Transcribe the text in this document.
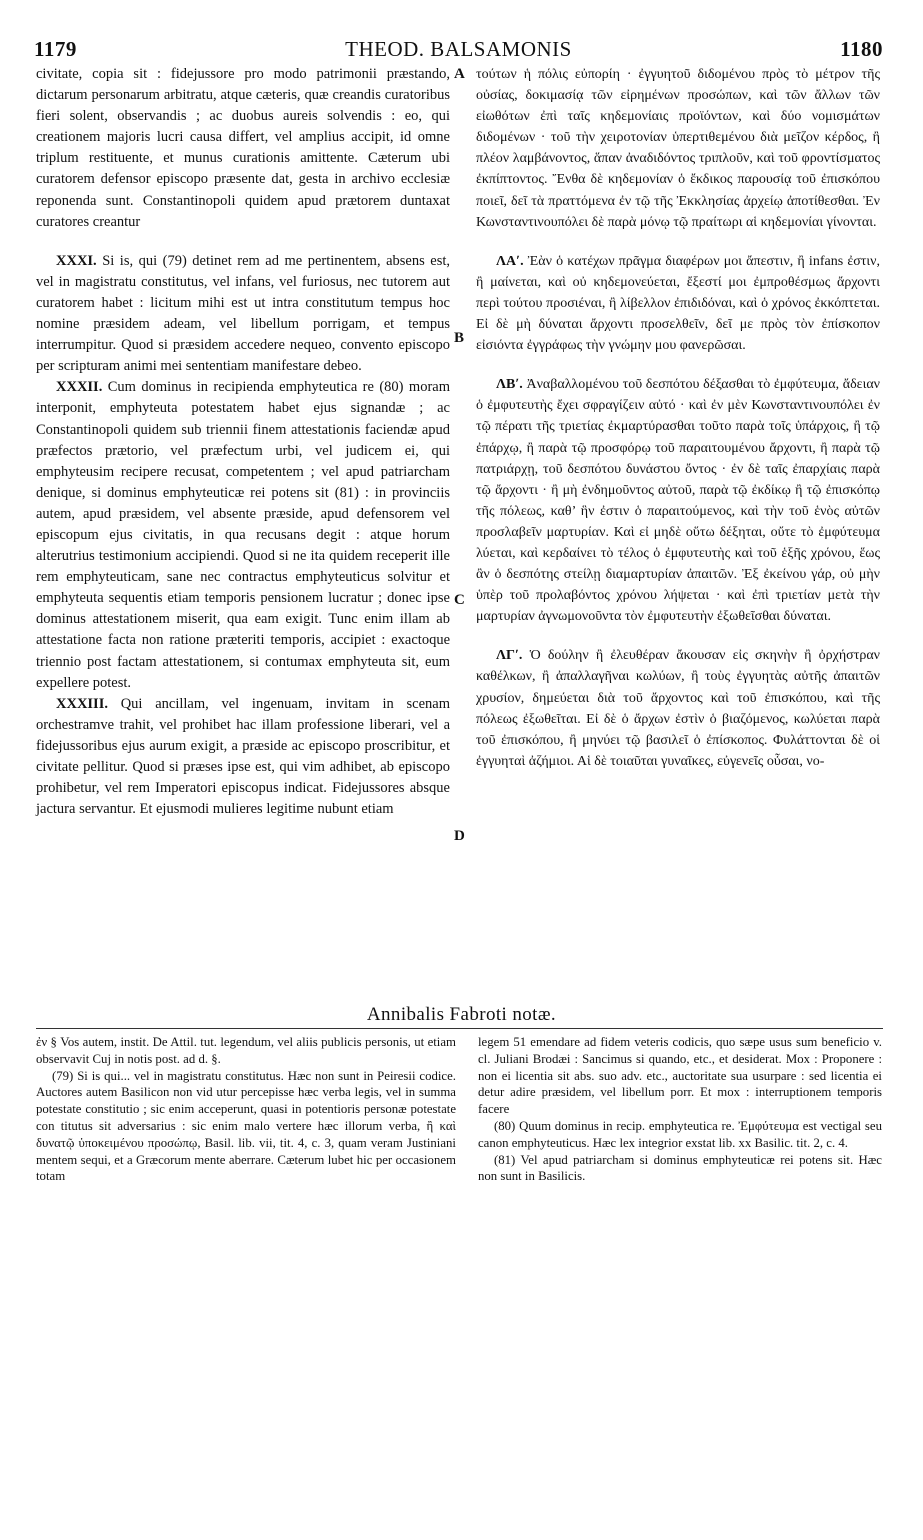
1179	THEOD. BALSAMONIS	1180
A
B
C
D

civitate, copia sit : fidejussore pro modo patrimonii præstando, dictarum personarum arbitratu, atque cæteris, quæ creandis curatoribus fieri solent, observandis ; ac duobus aureis solvendis : eo, qui creationem majoris lucri causa differt, vel amplius accipit, id omne triplum restituente, et munus curationis amittente. Cæterum ubi curatorem defensor episcopo præsente dat, gesta in archivo ecclesiæ reponenda sunt. Constantinopoli quidem apud prætorem duntaxat curatores creantur

XXXI. Si is, qui (79) detinet rem ad me pertinentem, absens est, vel in magistratu constitutus, vel infans, vel furiosus, nec tutorem aut curatorem habet : licitum mihi est ut intra constitutum tempus hoc nomine præsidem adeam, vel libellum porrigam, et tempus interrumpitur. Quod si præsidem accedere nequeo, convento episcopo per scripturam animi mei sententiam manifestare debeo.

XXXII. Cum dominus in recipienda emphyteutica re (80) moram interponit, emphyteuta potestatem habet ejus signandæ ; ac Constantinopoli quidem sub triennii finem attestationis faciendæ apud præfectos prætorio, vel præfectum urbi, vel judicem ei, qui emphyteusim recipere recusat, competentem ; vel apud patriarcham denique, si dominus emphyteuticæ rei potens sit (81) : in provinciis autem, apud præsidem, vel absente præside, apud defensorem vel episcopum ejus civitatis, in qua recusans degit : atque horum alterutrius testimonium accipiendi. Quod si ne ita quidem receperit ille rem emphyteuticam, sane nec contractus emphyteuticus solvitur et emphyteuta sequentis etiam temporis pensionem lucratur ; donec ipse dominus attestationem miserit, qua eam exigit. Tunc enim illam ab attestatione facta non ratione præteriti temporis, accipiet : exactoque triennio post factam attestationem, si contumax emphyteuta sit, eum expellere potest.

XXXIII. Qui ancillam, vel ingenuam, invitam in scenam orchestramve trahit, vel prohibet hac illam professione liberari, vel a fidejussoribus ejus aurum exigit, a præside ac episcopo proscribitur, et civitate pellitur. Quod si præses ipse est, qui vim adhibet, ab episcopo prohibetur, vel rem Imperatori episcopus indicat. Fidejussores absque jactura servantur. Et ejusmodi mulieres legitime nubunt etiam

τούτων ἡ πόλις εὐπορίη · ἐγγυητοῦ διδομένου πρὸς τὸ μέτρον τῆς οὐσίας, δοκιμασίᾳ τῶν εἰρημένων προσώπων, καὶ τῶν ἄλλων τῶν εἰωθότων ἐπὶ ταῖς κηδεμονίαις προϊόντων, καὶ δύο νομισμάτων διδομένων · τοῦ τὴν χειροτονίαν ὑπερτιθεμένου διὰ μεῖζον κέρδος, ἢ πλέον λαμβάνοντος, ἅπαν ἀναδιδόντος τριπλοῦν, καὶ τοῦ φροντίσματος ἐκπίπτοντος. Ἔνθα δὲ κηδεμονίαν ὁ ἔκδικος παρουσίᾳ τοῦ ἐπισκόπου ποιεῖ, δεῖ τὰ πραττόμενα ἐν τῷ τῆς Ἐκκλησίας ἀρχείῳ ἀποτίθεσθαι. Ἐν Κωνσταντινουπόλει δὲ παρὰ μόνῳ τῷ πραίτωρι αἱ κηδεμονίαι γίνονται.

ΛΑʹ. Ἐὰν ὁ κατέχων πρᾶγμα διαφέρων μοι ἄπεστιν, ἢ infans ἐστιν, ἢ μαίνεται, καὶ οὐ κηδεμονεύεται, ἔξεστί μοι ἐμπροθέσμως ἄρχοντι περὶ τούτου προσιέναι, ἢ λίβελλον ἐπιδιδόναι, καὶ ὁ χρόνος ἐκκόπτεται. Εἰ δὲ μὴ δύναται ἄρχοντι προσελθεῖν, δεῖ με πρὸς τὸν ἐπίσκοπον εἰσιόντα ἐγγράφως τὴν γνώμην μου φανερῶσαι.

ΛΒʹ. Ἀναβαλλομένου τοῦ δεσπότου δέξασθαι τὸ ἐμφύτευμα, ἄδειαν ὁ ἐμφυτευτὴς ἔχει σφραγίζειν αὐτό · καὶ ἐν μὲν Κωνσταντινουπόλει ἐν τῷ πέρατι τῆς τριετίας ἐκμαρτύρασθαι τοῦτο παρὰ τοῖς ὑπάρχοις, ἢ τῷ ἐπάρχῳ, ἢ παρὰ τῷ προσφόρῳ τοῦ παραιτουμένου ἄρχοντι, ἢ παρὰ τῷ πατριάρχῃ, τοῦ δεσπότου δυνάστου ὄντος · ἐν δὲ ταῖς ἐπαρχίαις παρὰ τῷ ἄρχοντι · ἢ μὴ ἐνδημοῦντος αὐτοῦ, παρὰ τῷ ἐκδίκῳ ἢ τῷ ἐπισκόπῳ τῆς πόλεως, καθ’ ἣν ἐστιν ὁ παραιτούμενος, καὶ τὴν τοῦ ἑνὸς αὐτῶν προσλαβεῖν μαρτυρίαν. Καὶ εἰ μηδὲ οὕτω δέξηται, οὔτε τὸ ἐμφύτευμα λύεται, καὶ κερδαίνει τὸ τέλος ὁ ἐμφυτευτὴς καὶ τοῦ ἑξῆς χρόνου, ἕως ἂν ὁ δεσπότης στείλῃ διαμαρτυρίαν ἀπαιτῶν. Ἐξ ἐκείνου γάρ, οὐ μὴν ὑπὲρ τοῦ προλαβόντος χρόνου λήψεται · καὶ ἐπὶ τριετίαν μετὰ τὴν μαρτυρίαν ἀγνωμονοῦντα τὸν ἐμφυτευτὴν ἐξωθεῖσθαι δύναται.

ΛΓʹ. Ὁ δούλην ἢ ἐλευθέραν ἄκουσαν εἰς σκηνὴν ἢ ὀρχήστραν καθέλκων, ἢ ἀπαλλαγῆναι κωλύων, ἢ τοὺς ἐγγυητὰς αὐτῆς ἀπαιτῶν χρυσίον, δημεύεται διὰ τοῦ ἄρχοντος καὶ τοῦ ἐπισκόπου, καὶ τῆς πόλεως ἐξωθεῖται. Εἰ δὲ ὁ ἄρχων ἐστὶν ὁ βιαζόμενος, κωλύεται παρὰ τοῦ ἐπισκόπου, ἢ μηνύει τῷ βασιλεῖ ὁ ἐπίσκοπος. Φυλάττονται δὲ οἱ ἐγγυηταὶ ἀζήμιοι. Αἱ δὲ τοιαῦται γυναῖκες, εὐγενεῖς οὖσαι, νο-

Annibalis Fabroti notæ.

ἐν § Vos autem, instit. De Attil. tut. legendum, vel aliis publicis personis, ut etiam observavit Cuj in notis post. ad d. §.

(79) Si is qui... vel in magistratu constitutus. Hæc non sunt in Peiresii codice. Auctores autem Basilicon non vid utur percepisse hæc verba legis, vel in summa potestate constitutio ; sic enim acceperunt, quasi in potentioris personæ potestate con titutus sit adversarius : sic enim malo vertere hæc illorum verba, ἢ καὶ δυνατῷ ὑποκειμένου προσώπῳ, Basil. lib. vii, tit. 4, c. 3, quam veram Justiniani mentem sequi, et a Græcorum mente aberrare. Cæterum lubet hic per occasionem totam

legem 51 emendare ad fidem veteris codicis, quo sæpe usus sum beneficio v. cl. Juliani Brodæi : Sancimus si quando, etc., et desiderat. Mox : Proponere : non ei licentia sit abs. suo adv. etc., auctoritate sua usurpare : sed licentia ei detur adire præsidem, vel libellum porr. Et mox : interruptionem temporis facere

(80) Quum dominus in recip. emphyteutica re. Ἐμφύτευμα est vectigal seu canon emphyteuticus. Hæc lex integrior exstat lib. xx Basilic. tit. 2, c. 4.

(81) Vel apud patriarcham si dominus emphyteuticæ rei potens sit. Hæc non sunt in Basilicis.
